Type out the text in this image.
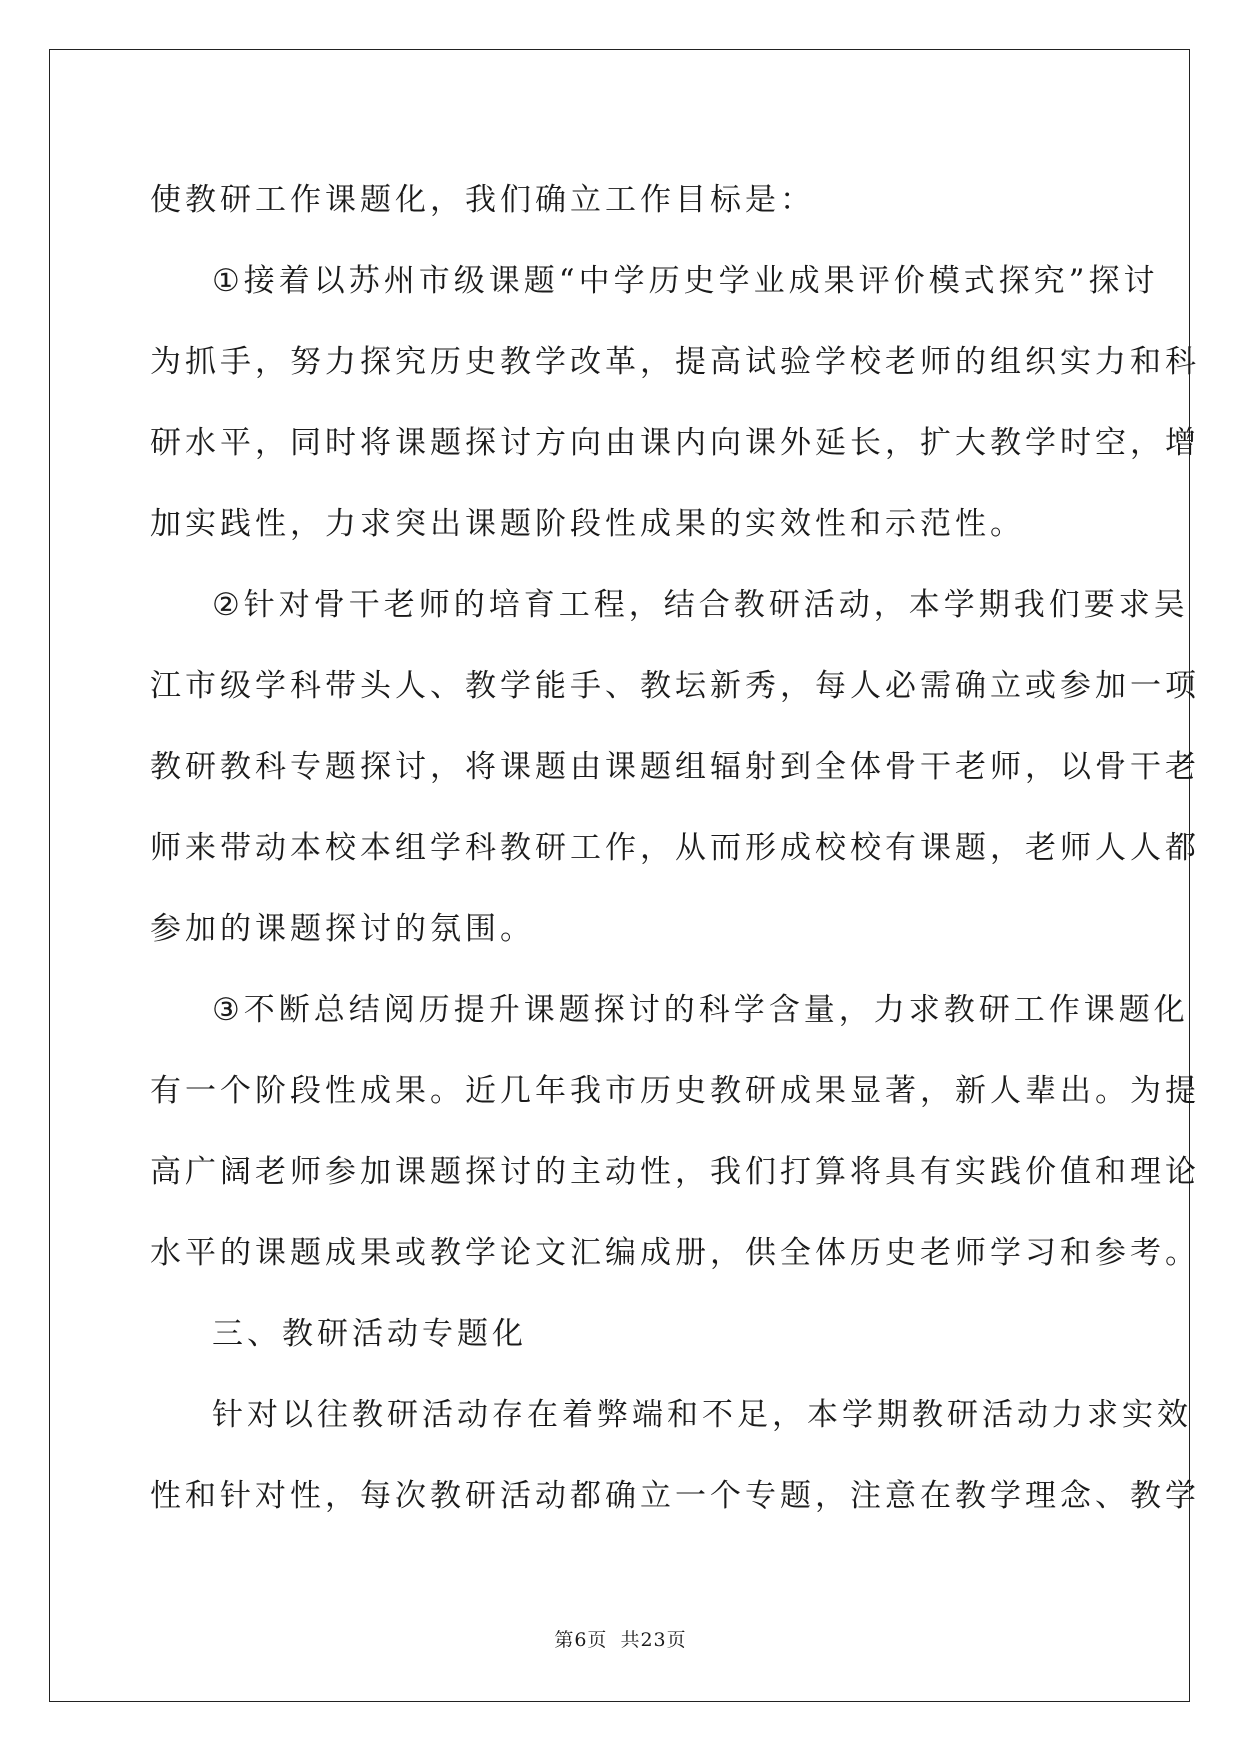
使教研工作课题化，我们确立工作目标是：
① 接 着 以 苏 州 市 级 课 题 “ 中 学 历 史 学 业 成 果 评 价 模 式 探 究 ” 探 讨
为 抓 手 ， 努 力 探 究 历 史 教 学 改 革 ， 提 高 试 验 学 校 老 师 的 组 织 实 力 和 科
研 水 平 ， 同 时 将 课 题 探 讨 方 向 由 课 内 向 课 外 延 长 ， 扩 大 教 学 时 空 ， 增
加实践性，力求突出课题阶段性成果的实效性和示范性。
② 针 对 骨 干 老 师 的 培 育 工 程 ， 结 合 教 研 活 动 ， 本 学 期 我 们 要 求 吴
江 市 级 学 科 带 头 人 、 教 学 能 手 、 教 坛 新 秀 ， 每 人 必 需 确 立 或 参 加 一 项
教 研 教 科 专 题 探 讨 ， 将 课 题 由 课 题 组 辐 射 到 全 体 骨 干 老 师 ， 以 骨 干 老
师 来 带 动 本 校 本 组 学 科 教 研 工 作 ， 从 而 形 成 校 校 有 课 题 ， 老 师 人 人 都
参加的课题探讨的氛围。
③ 不 断 总 结 阅 历 提 升 课 题 探 讨 的 科 学 含 量 ， 力 求 教 研 工 作 课 题 化
有 一 个 阶 段 性 成 果 。 近 几 年 我 市 历 史 教 研 成 果 显 著 ， 新 人 辈 出 。 为 提
高 广 阔 老 师 参 加 课 题 探 讨 的 主 动 性 ， 我 们 打 算 将 具 有 实 践 价 值 和 理 论
水 平 的 课 题 成 果 或 教 学 论 文 汇 编 成 册 ， 供 全 体 历 史 老 师 学 习 和 参 考 。
三、教研活动专题化
针 对 以 往 教 研 活 动 存 在 着 弊 端 和 不 足 ， 本 学 期 教 研 活 动 力 求 实 效
性 和 针 对 性 ， 每 次 教 研 活 动 都 确 立 一 个 专 题 ， 注 意 在 教 学 理 念 、 教 学
第6页 共23页
